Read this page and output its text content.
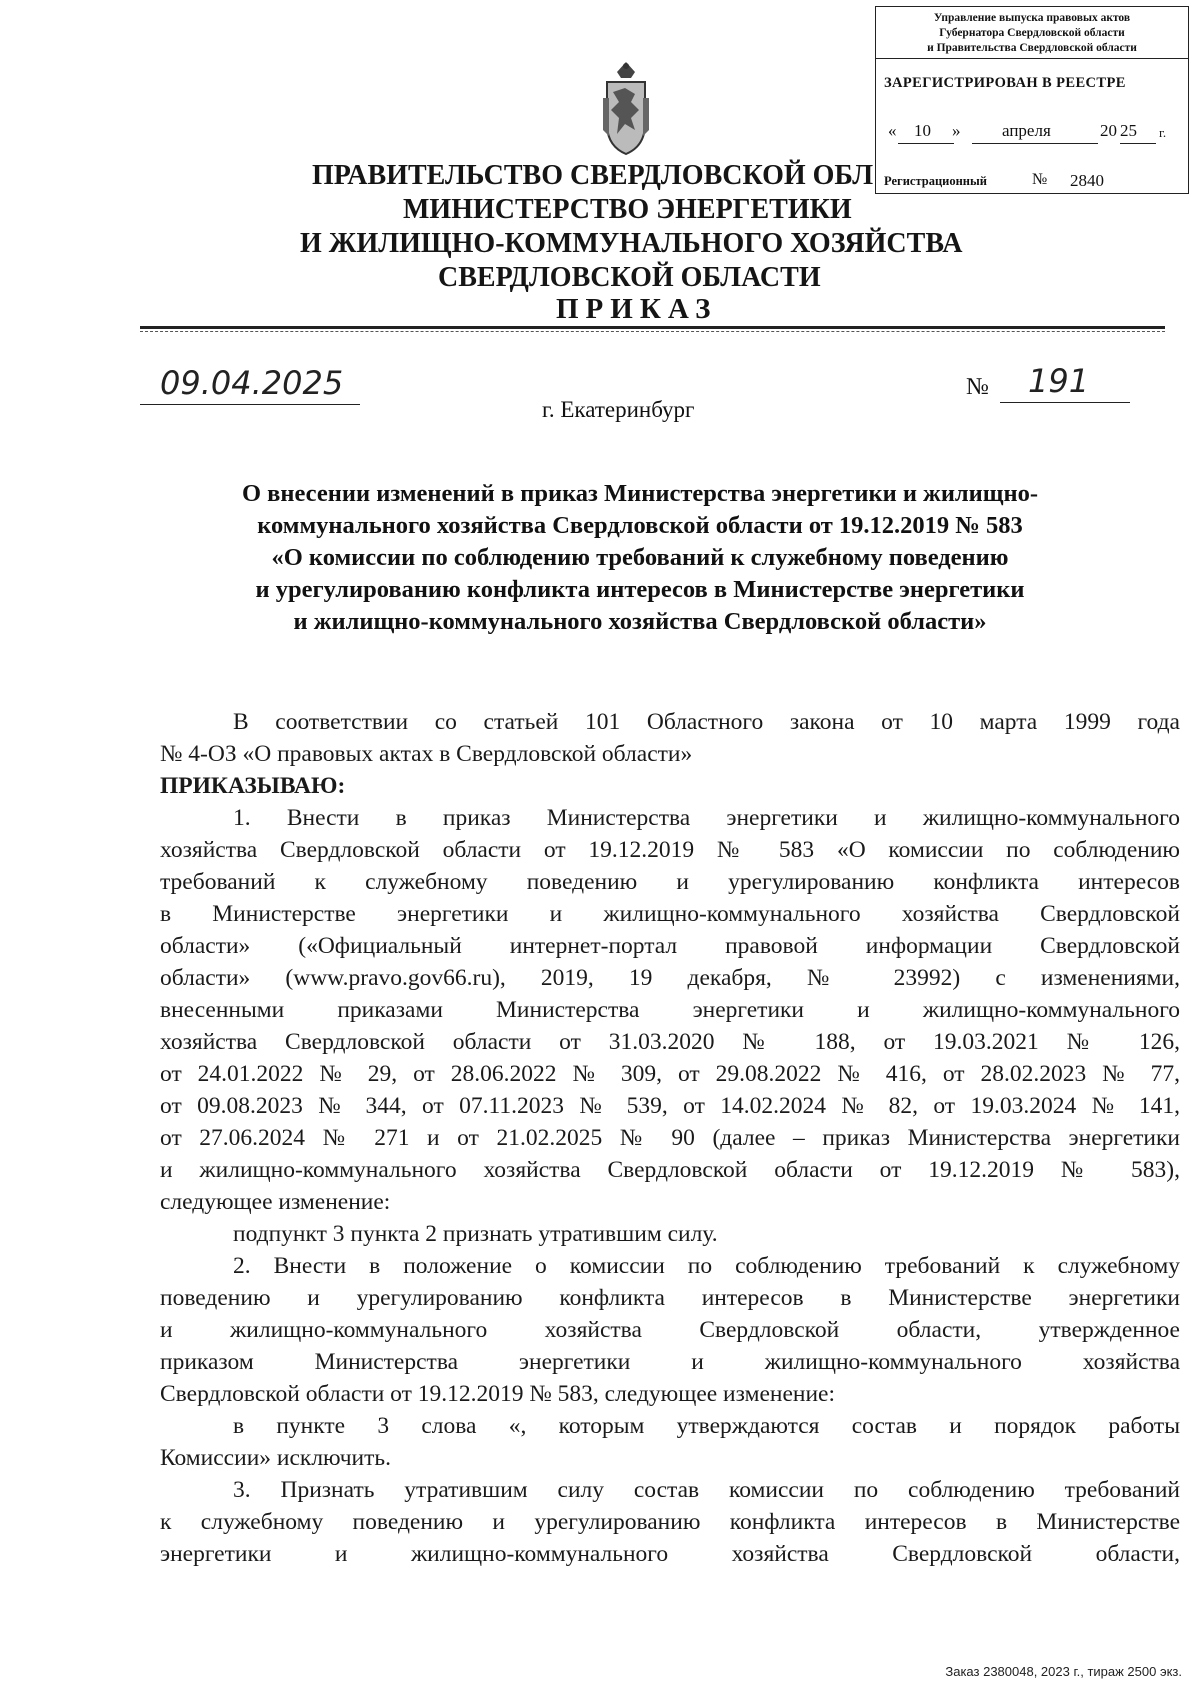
Управление выпуска правовых актов
Губернатора Свердловской области
и Правительства Свердловской области
ЗАРЕГИСТРИРОВАН В РЕЕСТРЕ
« 10 » апреля	20 25 г.
Регистрационный	№ 2840
ПРАВИТЕЛЬСТВО СВЕРДЛОВСКОЙ ОБЛ
МИНИСТЕРСТВО ЭНЕРГЕТИКИ
И ЖИЛИЩНО-КОММУНАЛЬНОГО ХОЗЯЙСТВА
СВЕРДЛОВСКОЙ ОБЛАСТИ
ПРИКАЗ
09.04.2025
г. Екатеринбург
№ 191
О внесении изменений в приказ Министерства энергетики и жилищно-
коммунального хозяйства Свердловской области от 19.12.2019 № 583
«О комиссии по соблюдению требований к служебному поведению
и урегулированию конфликта интересов в Министерстве энергетики
и жилищно-коммунального хозяйства Свердловской области»
В соответствии со статьей 101 Областного закона от 10 марта 1999 года
№ 4-ОЗ «О правовых актах в Свердловской области»
ПРИКАЗЫВАЮ:
1. Внести в приказ Министерства энергетики и жилищно-коммунального
хозяйства Свердловской области от 19.12.2019 № 583 «О комиссии по соблюдению
требований к служебному поведению и урегулированию конфликта интересов
в Министерстве энергетики и жилищно-коммунального хозяйства Свердловской
области» («Официальный интернет-портал правовой информации Свердловской
области» (www.pravo.gov66.ru), 2019, 19 декабря, № 23992) с изменениями,
внесенными приказами Министерства энергетики и жилищно-коммунального
хозяйства Свердловской области от 31.03.2020 № 188, от 19.03.2021 № 126,
от 24.01.2022 № 29, от 28.06.2022 № 309, от 29.08.2022 № 416, от 28.02.2023 № 77,
от 09.08.2023 № 344, от 07.11.2023 № 539, от 14.02.2024 № 82, от 19.03.2024 № 141,
от 27.06.2024 № 271 и от 21.02.2025 № 90 (далее – приказ Министерства энергетики
и жилищно-коммунального хозяйства Свердловской области от 19.12.2019 № 583),
следующее изменение:
подпункт 3 пункта 2 признать утратившим силу.
2. Внести в положение о комиссии по соблюдению требований к служебному
поведению и урегулированию конфликта интересов в Министерстве энергетики
и жилищно-коммунального хозяйства Свердловской области, утвержденное
приказом Министерства энергетики и жилищно-коммунального хозяйства
Свердловской области от 19.12.2019 № 583, следующее изменение:
в пункте 3 слова «, которым утверждаются состав и порядок работы
Комиссии» исключить.
3. Признать утратившим силу состав комиссии по соблюдению требований
к служебному поведению и урегулированию конфликта интересов в Министерстве
энергетики и жилищно-коммунального хозяйства Свердловской области,
Заказ 2380048, 2023 г., тираж 2500 экз.
